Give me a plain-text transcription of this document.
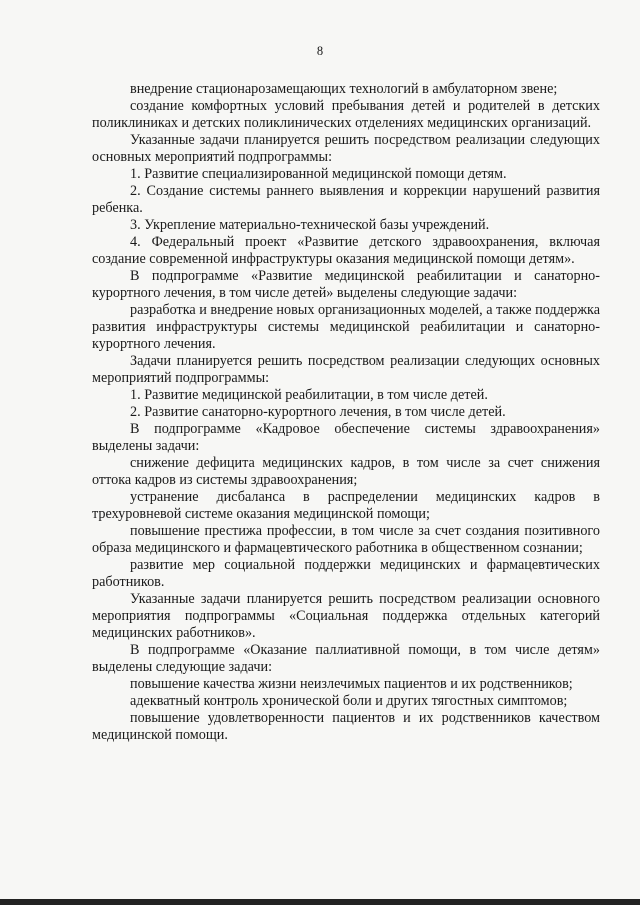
8
внедрение стационарозамещающих технологий в амбулаторном звене;
создание комфортных условий пребывания детей и родителей в детских поликлиниках и детских поликлинических отделениях медицинских организаций.
Указанные задачи планируется решить посредством реализации следующих основных мероприятий подпрограммы:
1. Развитие специализированной медицинской помощи детям.
2. Создание системы раннего выявления и коррекции нарушений развития ребенка.
3. Укрепление материально-технической базы учреждений.
4. Федеральный проект «Развитие детского здравоохранения, включая создание современной инфраструктуры оказания медицинской помощи детям».
В подпрограмме «Развитие медицинской реабилитации и санаторно-курортного лечения, в том числе детей» выделены следующие задачи:
разработка и внедрение новых организационных моделей, а также поддержка развития инфраструктуры системы медицинской реабилитации и санаторно-курортного лечения.
Задачи планируется решить посредством реализации следующих основных мероприятий подпрограммы:
1. Развитие медицинской реабилитации, в том числе детей.
2. Развитие санаторно-курортного лечения, в том числе детей.
В подпрограмме «Кадровое обеспечение системы здравоохранения» выделены задачи:
снижение дефицита медицинских кадров, в том числе за счет снижения оттока кадров из системы здравоохранения;
устранение дисбаланса в распределении медицинских кадров в трехуровневой системе оказания медицинской помощи;
повышение престижа профессии, в том числе за счет создания позитивного образа медицинского и фармацевтического работника в общественном сознании;
развитие мер социальной поддержки медицинских и фармацевтических работников.
Указанные задачи планируется решить посредством реализации основного мероприятия подпрограммы «Социальная поддержка отдельных категорий медицинских работников».
В подпрограмме «Оказание паллиативной помощи, в том числе детям» выделены следующие задачи:
повышение качества жизни неизлечимых пациентов и их родственников;
адекватный контроль хронической боли и других тягостных симптомов;
повышение удовлетворенности пациентов и их родственников качеством медицинской помощи.
